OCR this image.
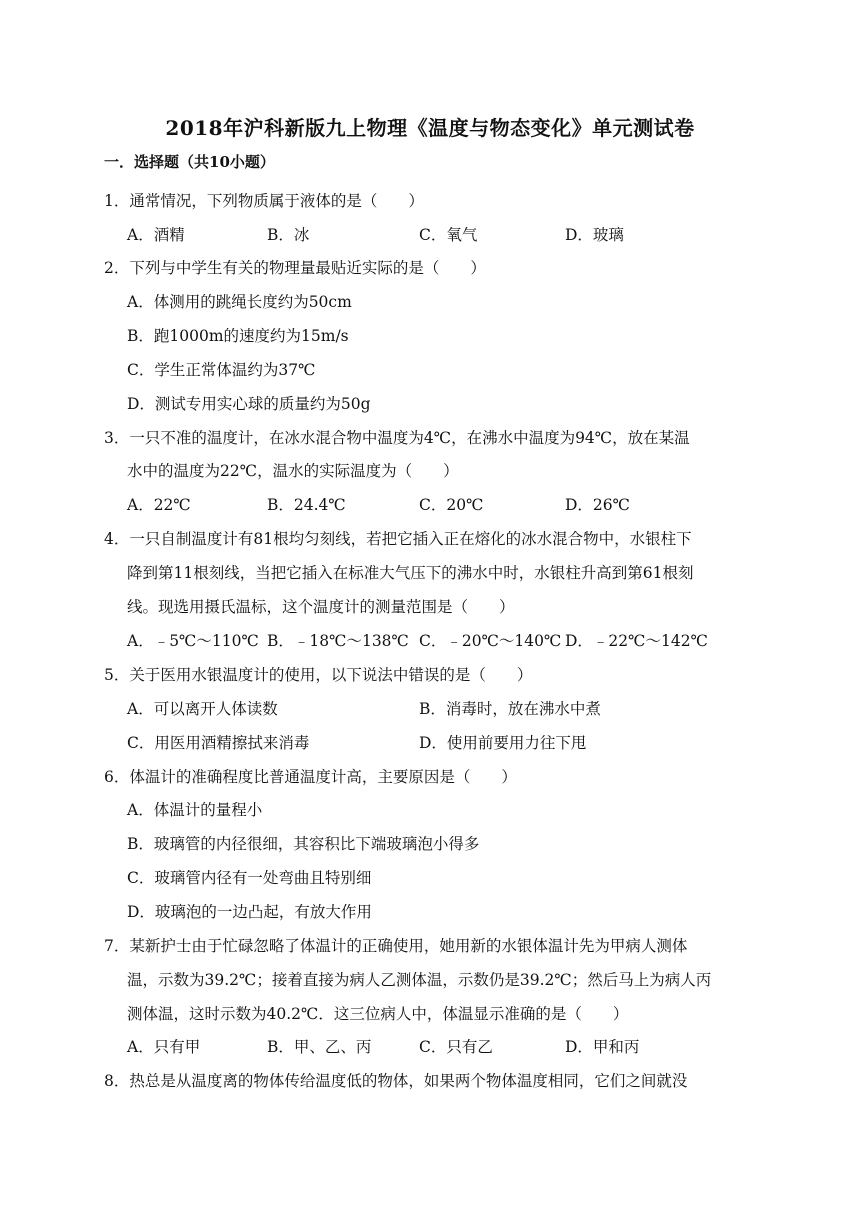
2018年沪科新版九上物理《温度与物态变化》单元测试卷
一．选择题（共10小题）
1．通常情况，下列物质属于液体的是（　　）
A．酒精	B．冰	C．氧气	D．玻璃
2．下列与中学生有关的物理量最贴近实际的是（　　）
A．体测用的跳绳长度约为50cm
B．跑1000m的速度约为15m/s
C．学生正常体温约为37℃
D．测试专用实心球的质量约为50g
3．一只不准的温度计，在冰水混合物中温度为4℃，在沸水中温度为94℃，放在某温
水中的温度为22℃，温水的实际温度为（　　）
A．22℃	B．24.4℃	C．20℃	D．26℃
4．一只自制温度计有81根均匀刻线，若把它插入正在熔化的冰水混合物中，水银柱下
降到第11根刻线，当把它插入在标准大气压下的沸水中时，水银柱升高到第61根刻
线。现选用摄氏温标，这个温度计的测量范围是（　　）
A．﹣5℃～110℃ B．﹣18℃～138℃ C．﹣20℃～140℃ D．﹣22℃～142℃
5．关于医用水银温度计的使用，以下说法中错误的是（　　）
A．可以离开人体读数	B．消毒时，放在沸水中煮
C．用医用酒精擦拭来消毒	D．使用前要用力往下甩
6．体温计的准确程度比普通温度计高，主要原因是（　　）
A．体温计的量程小
B．玻璃管的内径很细，其容积比下端玻璃泡小得多
C．玻璃管内径有一处弯曲且特别细
D．玻璃泡的一边凸起，有放大作用
7．某新护士由于忙碌忽略了体温计的正确使用，她用新的水银体温计先为甲病人测体
温，示数为39.2℃；接着直接为病人乙测体温，示数仍是39.2℃；然后马上为病人丙
测体温，这时示数为40.2℃．这三位病人中，体温显示准确的是（　　）
A．只有甲	B．甲、乙、丙	C．只有乙	D．甲和丙
8．热总是从温度离的物体传给温度低的物体，如果两个物体温度相同，它们之间就没
